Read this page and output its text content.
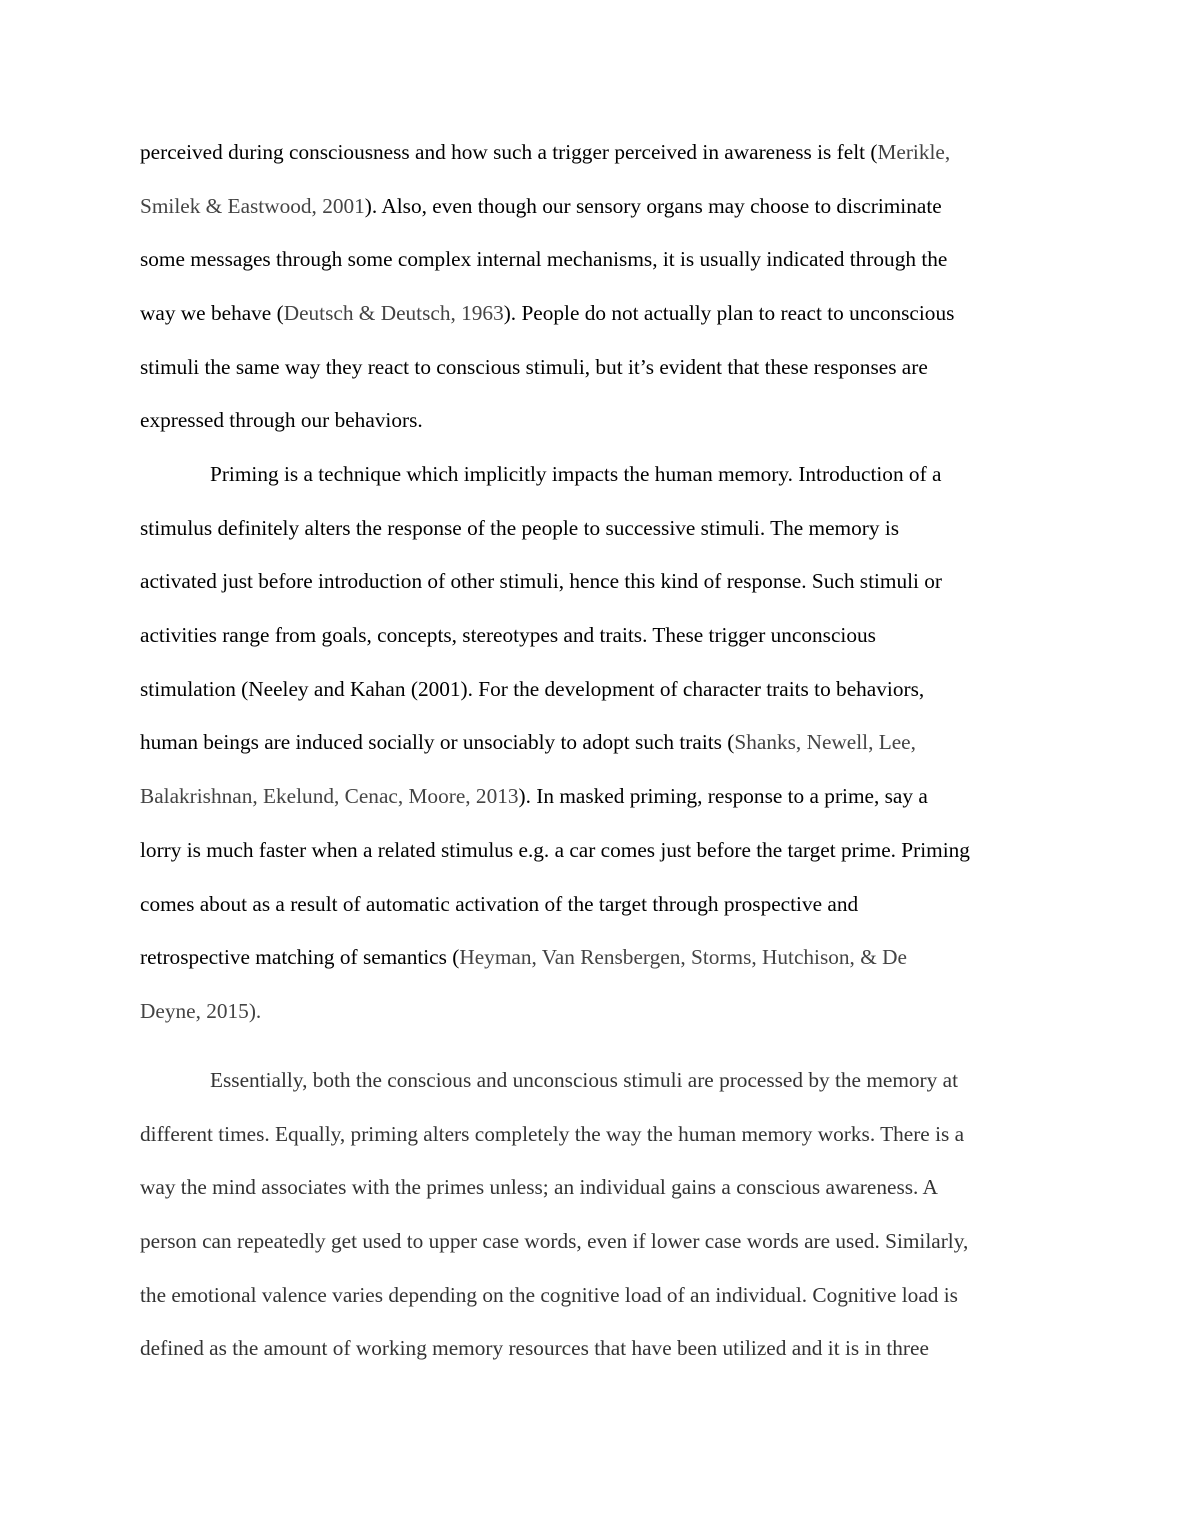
perceived during consciousness and how such a trigger perceived in awareness is felt (Merikle,
Smilek & Eastwood, 2001). Also, even though our sensory organs may choose to discriminate
some messages through some complex internal mechanisms, it is usually indicated through the
way we behave (Deutsch & Deutsch, 1963). People do not actually plan to react to unconscious
stimuli the same way they react to conscious stimuli, but it’s evident that these responses are
expressed through our behaviors.
Priming is a technique which implicitly impacts the human memory. Introduction of a
stimulus definitely alters the response of the people to successive stimuli. The memory is
activated just before introduction of other stimuli, hence this kind of response. Such stimuli or
activities range from goals, concepts, stereotypes and traits. These trigger unconscious
stimulation (Neeley and Kahan (2001). For the development of character traits to behaviors,
human beings are induced socially or unsociably to adopt such traits (Shanks, Newell, Lee,
Balakrishnan, Ekelund, Cenac, Moore, 2013). In masked priming, response to a prime, say a
lorry is much faster when a related stimulus e.g. a car comes just before the target prime. Priming
comes about as a result of automatic activation of the target through prospective and
retrospective matching of semantics (Heyman, Van Rensbergen, Storms, Hutchison, & De
Deyne, 2015).
Essentially, both the conscious and unconscious stimuli are processed by the memory at
different times. Equally, priming alters completely the way the human memory works. There is a
way the mind associates with the primes unless; an individual gains a conscious awareness. A
person can repeatedly get used to upper case words, even if lower case words are used. Similarly,
the emotional valence varies depending on the cognitive load of an individual. Cognitive load is
defined as the amount of working memory resources that have been utilized and it is in three
